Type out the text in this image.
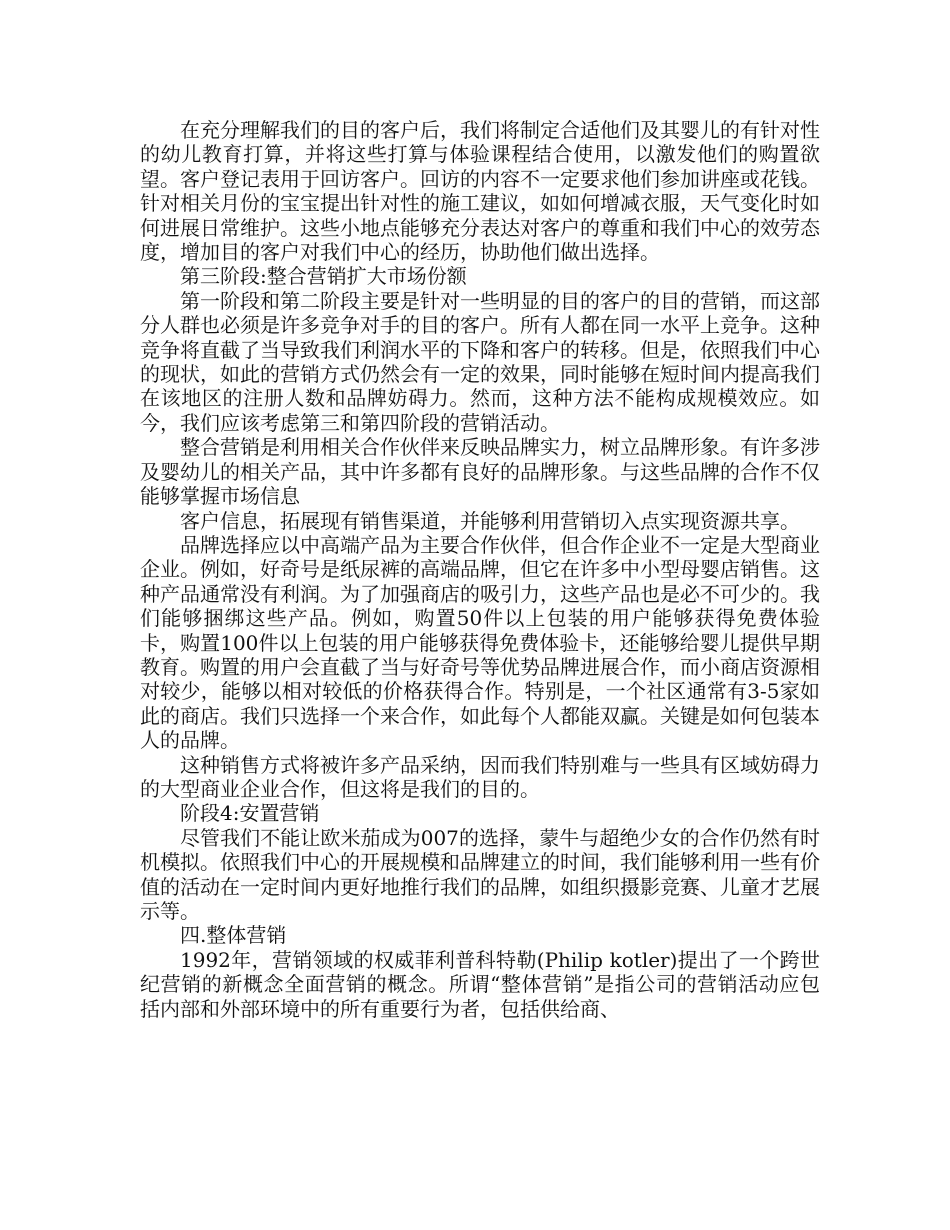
在充分理解我们的目的客户后，我们将制定合适他们及其婴儿的有针对性的幼儿教育打算，并将这些打算与体验课程结合使用，以激发他们的购置欲望。客户登记表用于回访客户。回访的内容不一定要求他们参加讲座或花钱。针对相关月份的宝宝提出针对性的施工建议，如如何增减衣服，天气变化时如何进展日常维护。这些小地点能够充分表达对客户的尊重和我们中心的效劳态度，增加目的客户对我们中心的经历，协助他们做出选择。

第三阶段:整合营销扩大市场份额

第一阶段和第二阶段主要是针对一些明显的目的客户的目的营销，而这部分人群也必须是许多竞争对手的目的客户。所有人都在同一水平上竞争。这种竞争将直截了当导致我们利润水平的下降和客户的转移。但是，依照我们中心的现状，如此的营销方式仍然会有一定的效果，同时能够在短时间内提高我们在该地区的注册人数和品牌妨碍力。然而，这种方法不能构成规模效应。如今，我们应该考虑第三和第四阶段的营销活动。

整合营销是利用相关合作伙伴来反映品牌实力，树立品牌形象。有许多涉及婴幼儿的相关产品，其中许多都有良好的品牌形象。与这些品牌的合作不仅能够掌握市场信息

客户信息，拓展现有销售渠道，并能够利用营销切入点实现资源共享。

品牌选择应以中高端产品为主要合作伙伴，但合作企业不一定是大型商业企业。例如，好奇号是纸尿裤的高端品牌，但它在许多中小型母婴店销售。这种产品通常没有利润。为了加强商店的吸引力，这些产品也是必不可少的。我们能够捆绑这些产品。例如，购置50件以上包装的用户能够获得免费体验卡，购置100件以上包装的用户能够获得免费体验卡，还能够给婴儿提供早期教育。购置的用户会直截了当与好奇号等优势品牌进展合作，而小商店资源相对较少，能够以相对较低的价格获得合作。特别是，一个社区通常有3-5家如此的商店。我们只选择一个来合作，如此每个人都能双赢。关键是如何包装本人的品牌。

这种销售方式将被许多产品采纳，因而我们特别难与一些具有区域妨碍力的大型商业企业合作，但这将是我们的目的。

阶段4:安置营销

尽管我们不能让欧米茄成为007的选择，蒙牛与超绝少女的合作仍然有时机模拟。依照我们中心的开展规模和品牌建立的时间，我们能够利用一些有价值的活动在一定时间内更好地推行我们的品牌，如组织摄影竞赛、儿童才艺展示等。

四.整体营销

1992年，营销领域的权威菲利普科特勒(Philip kotler)提出了一个跨世纪营销的新概念全面营销的概念。所谓“整体营销”是指公司的营销活动应包括内部和外部环境中的所有重要行为者，包括供给商、
